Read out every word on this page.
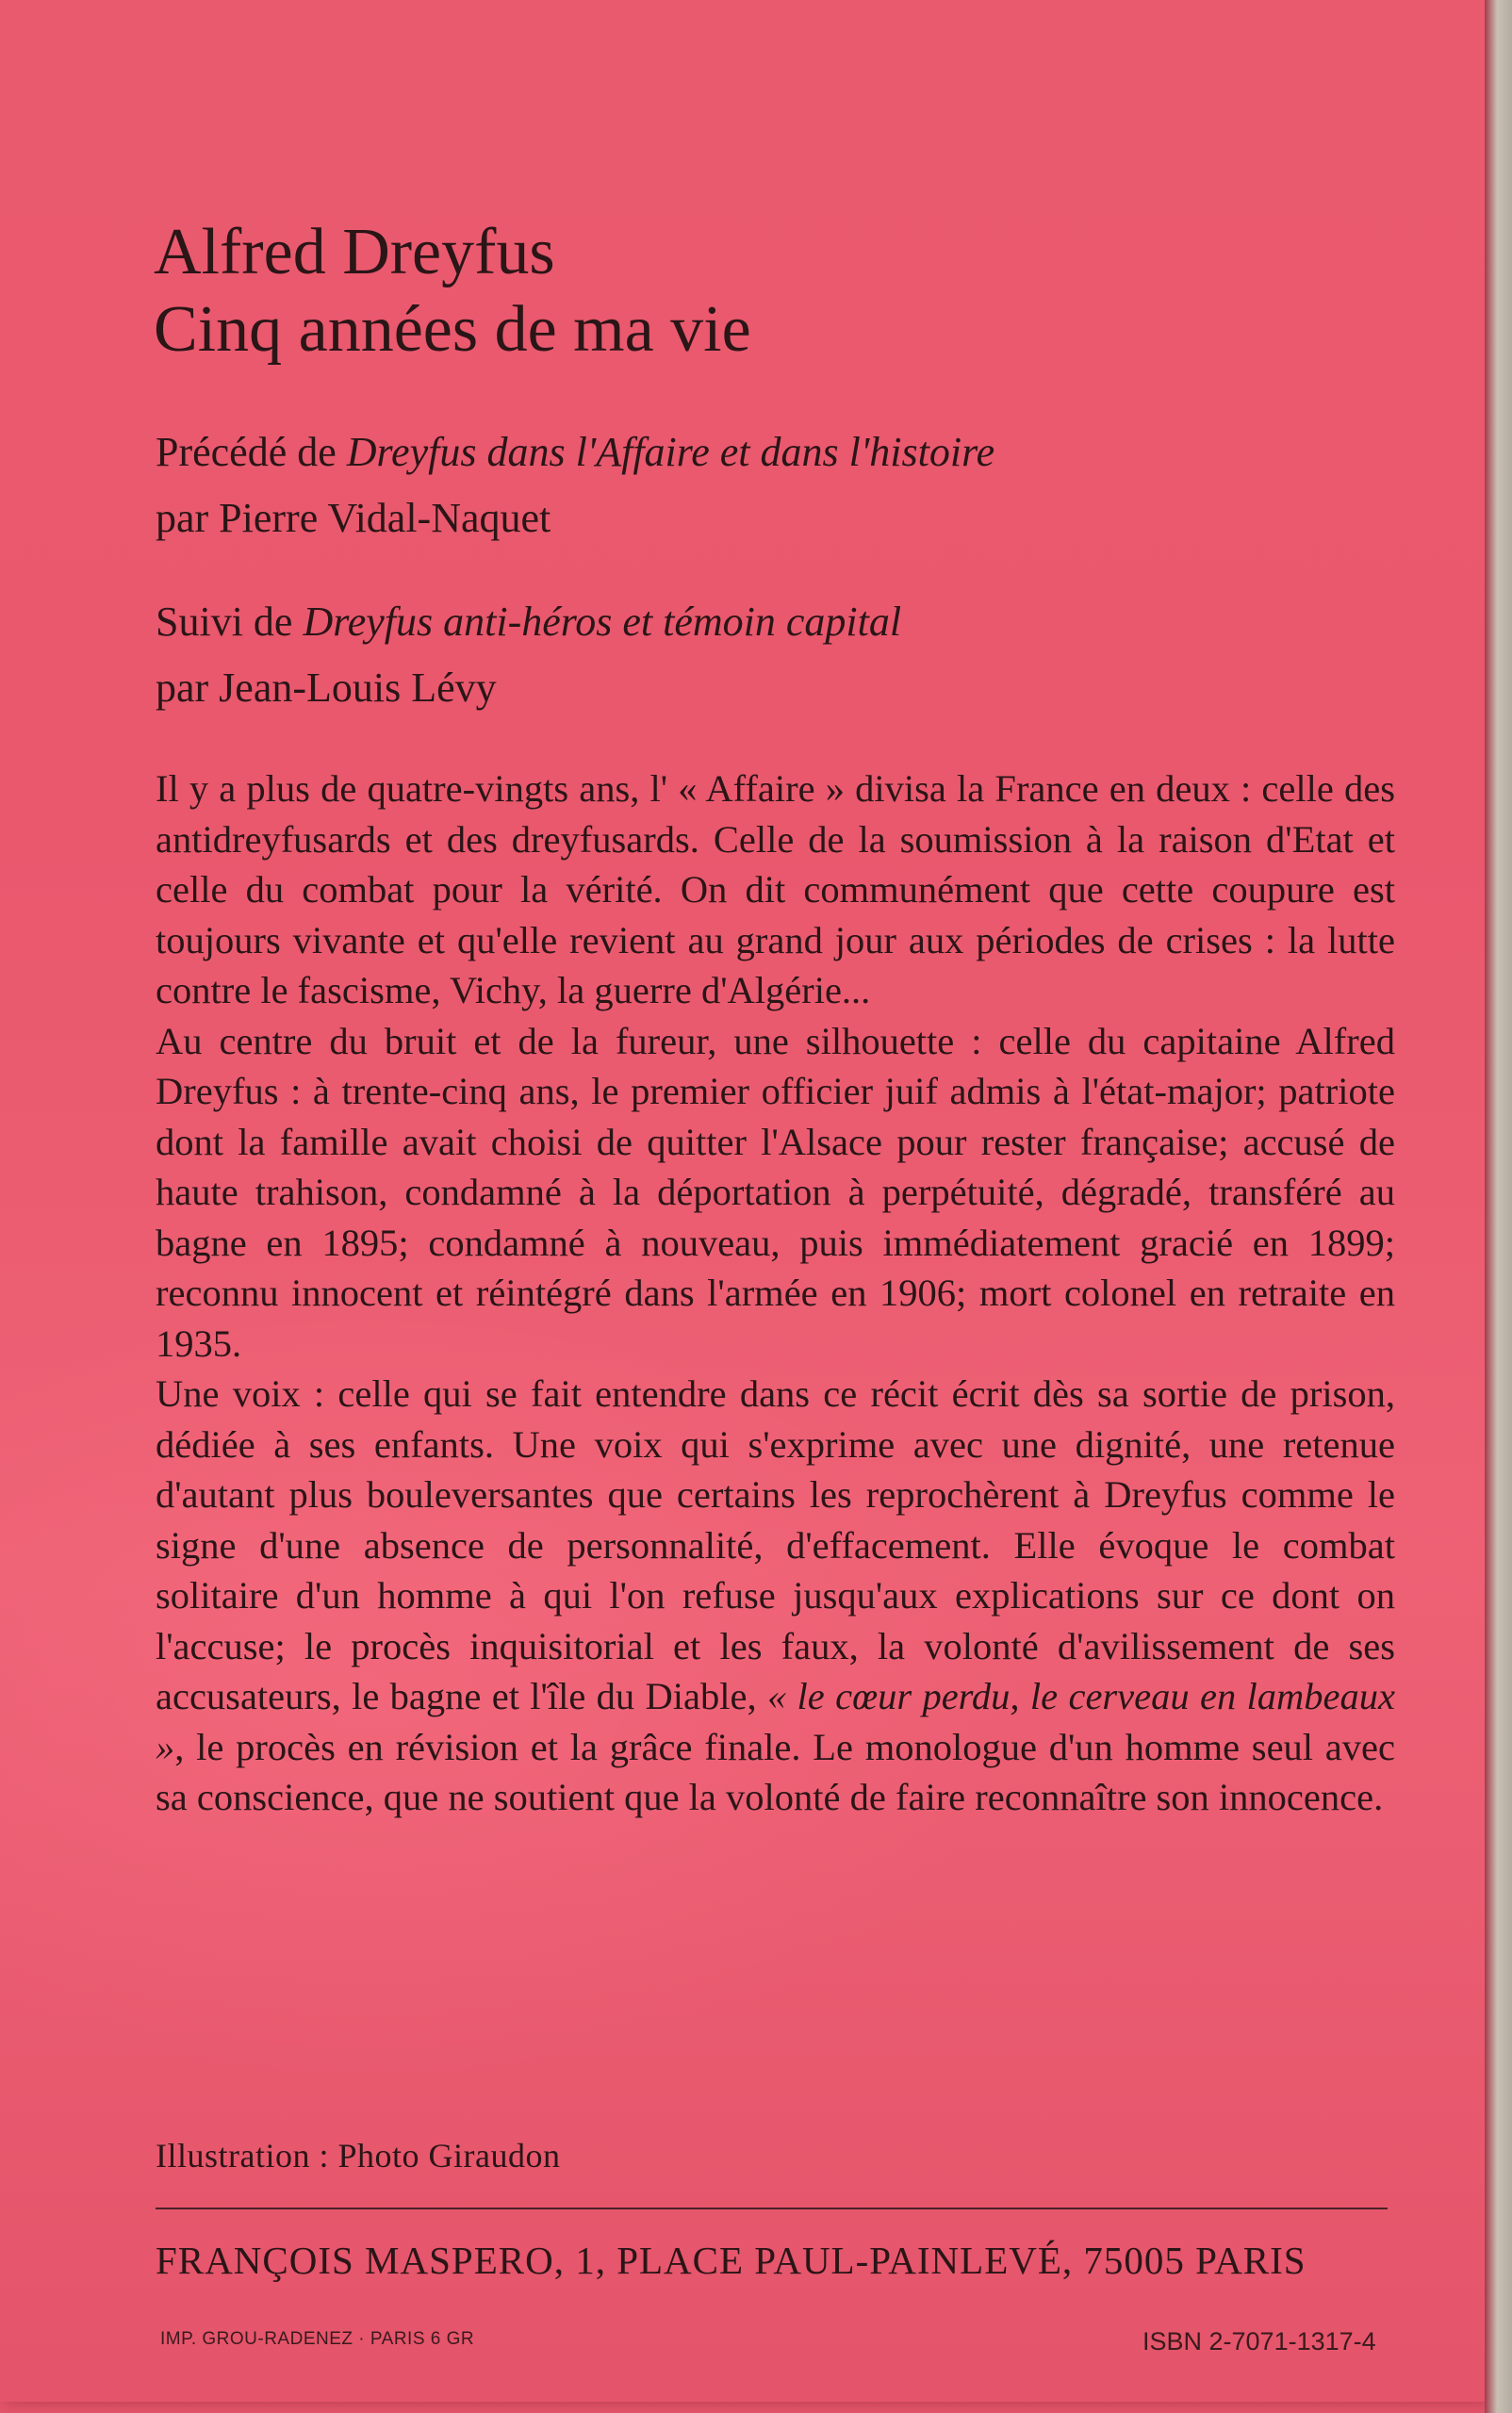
Alfred Dreyfus
Cinq années de ma vie

Précédé de Dreyfus dans l'Affaire et dans l'histoire
par Pierre Vidal-Naquet

Suivi de Dreyfus anti-héros et témoin capital
par Jean-Louis Lévy

Il y a plus de quatre-vingts ans, l' « Affaire » divisa la France en deux : celle des antidreyfusards et des dreyfusards. Celle de la soumission à la raison d'Etat et celle du combat pour la vérité. On dit communément que cette coupure est toujours vivante et qu'elle revient au grand jour aux périodes de crises : la lutte contre le fascisme, Vichy, la guerre d'Algérie...

Au centre du bruit et de la fureur, une silhouette : celle du capitaine Alfred Dreyfus : à trente-cinq ans, le premier officier juif admis à l'état-major; patriote dont la famille avait choisi de quitter l'Alsace pour rester française; accusé de haute trahison, condamné à la déportation à perpétuité, dégradé, transféré au bagne en 1895; condamné à nouveau, puis immédiatement gracié en 1899; reconnu innocent et réintégré dans l'armée en 1906; mort colonel en retraite en 1935.

Une voix : celle qui se fait entendre dans ce récit écrit dès sa sortie de prison, dédiée à ses enfants. Une voix qui s'exprime avec une dignité, une retenue d'autant plus bouleversantes que certains les reprochèrent à Dreyfus comme le signe d'une absence de personnalité, d'effacement. Elle évoque le combat solitaire d'un homme à qui l'on refuse jusqu'aux explications sur ce dont on l'accuse; le procès inquisitorial et les faux, la volonté d'avilissement de ses accusateurs, le bagne et l'île du Diable, « le cœur perdu, le cerveau en lambeaux », le procès en révision et la grâce finale. Le monologue d'un homme seul avec sa conscience, que ne soutient que la volonté de faire reconnaître son innocence.

Illustration : Photo Giraudon

FRANÇOIS MASPERO, 1, PLACE PAUL-PAINLEVÉ, 75005 PARIS

IMP. GROU-RADENEZ · PARIS 6 GR	ISBN 2-7071-1317-4
